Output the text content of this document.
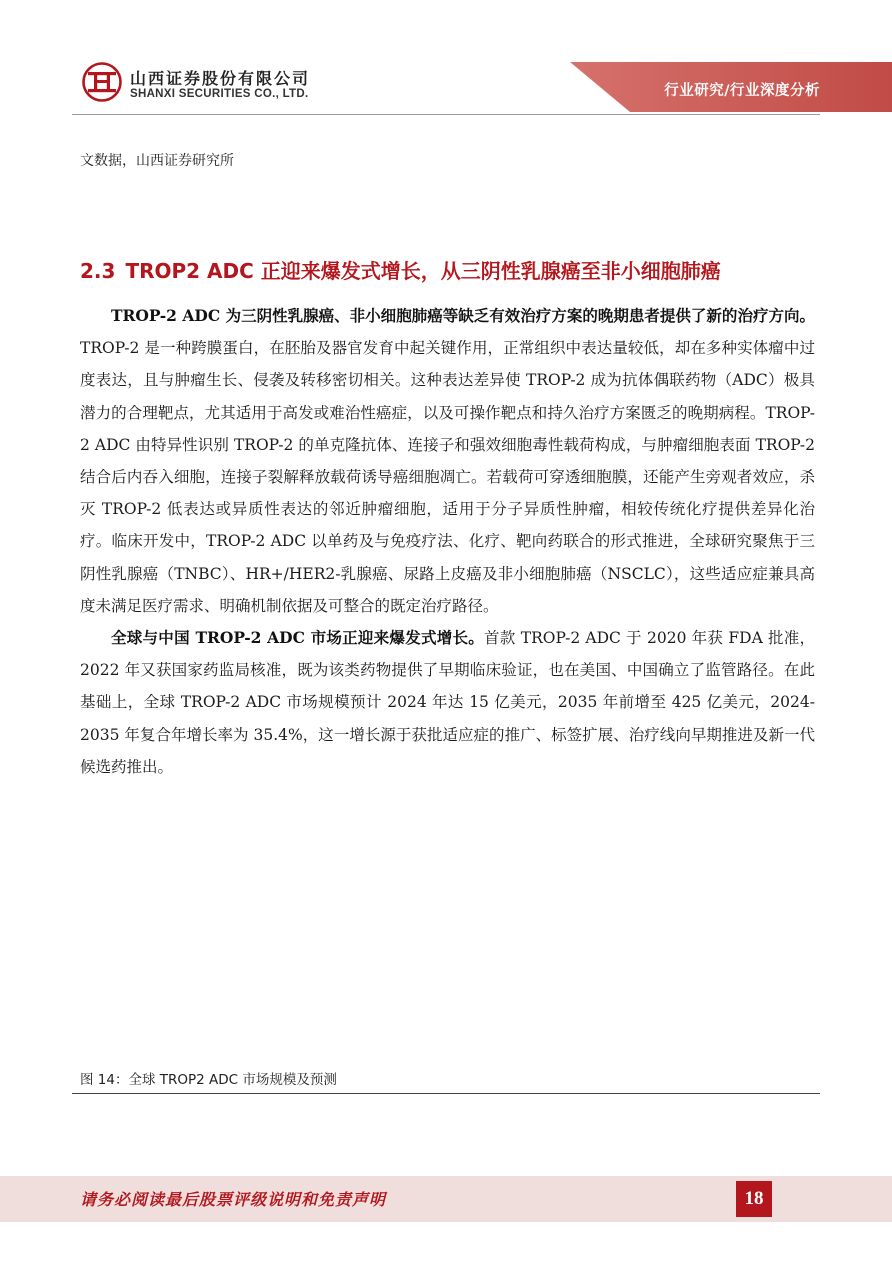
山西证券股份有限公司
SHANXI SECURITIES CO., LTD.	行业研究/行业深度分析
文数据，山西证券研究所
2.3 TROP2 ADC 正迎来爆发式增长，从三阴性乳腺癌至非小细胞肺癌

TROP-2 ADC 为三阴性乳腺癌、非小细胞肺癌等缺乏有效治疗方案的晚期患者提供了新的治疗方向。TROP-2 是一种跨膜蛋白，在胚胎及器官发育中起关键作用，正常组织中表达量较低，却在多种实体瘤中过度表达，且与肿瘤生长、侵袭及转移密切相关。这种表达差异使 TROP-2 成为抗体偶联药物（ADC）极具潜力的合理靶点，尤其适用于高发或难治性癌症，以及可操作靶点和持久治疗方案匮乏的晚期病程。TROP-2 ADC 由特异性识别 TROP-2 的单克隆抗体、连接子和强效细胞毒性载荷构成，与肿瘤细胞表面 TROP-2 结合后内吞入细胞，连接子裂解释放载荷诱导癌细胞凋亡。若载荷可穿透细胞膜，还能产生旁观者效应，杀灭 TROP-2 低表达或异质性表达的邻近肿瘤细胞，适用于分子异质性肿瘤，相较传统化疗提供差异化治疗。临床开发中，TROP-2 ADC 以单药及与免疫疗法、化疗、靶向药联合的形式推进，全球研究聚焦于三阴性乳腺癌（TNBC）、HR+/HER2-乳腺癌、尿路上皮癌及非小细胞肺癌（NSCLC），这些适应症兼具高度未满足医疗需求、明确机制依据及可整合的既定治疗路径。

全球与中国 TROP-2 ADC 市场正迎来爆发式增长。首款 TROP-2 ADC 于 2020 年获 FDA 批准，2022 年又获国家药监局核准，既为该类药物提供了早期临床验证，也在美国、中国确立了监管路径。在此基础上，全球 TROP-2 ADC 市场规模预计 2024 年达 15 亿美元，2035 年前增至 425 亿美元，2024-2035 年复合年增长率为 35.4%，这一增长源于获批适应症的推广、标签扩展、治疗线向早期推进及新一代候选药推出。

图 14：全球 TROP2 ADC 市场规模及预测
请务必阅读最后股票评级说明和免责声明	18
